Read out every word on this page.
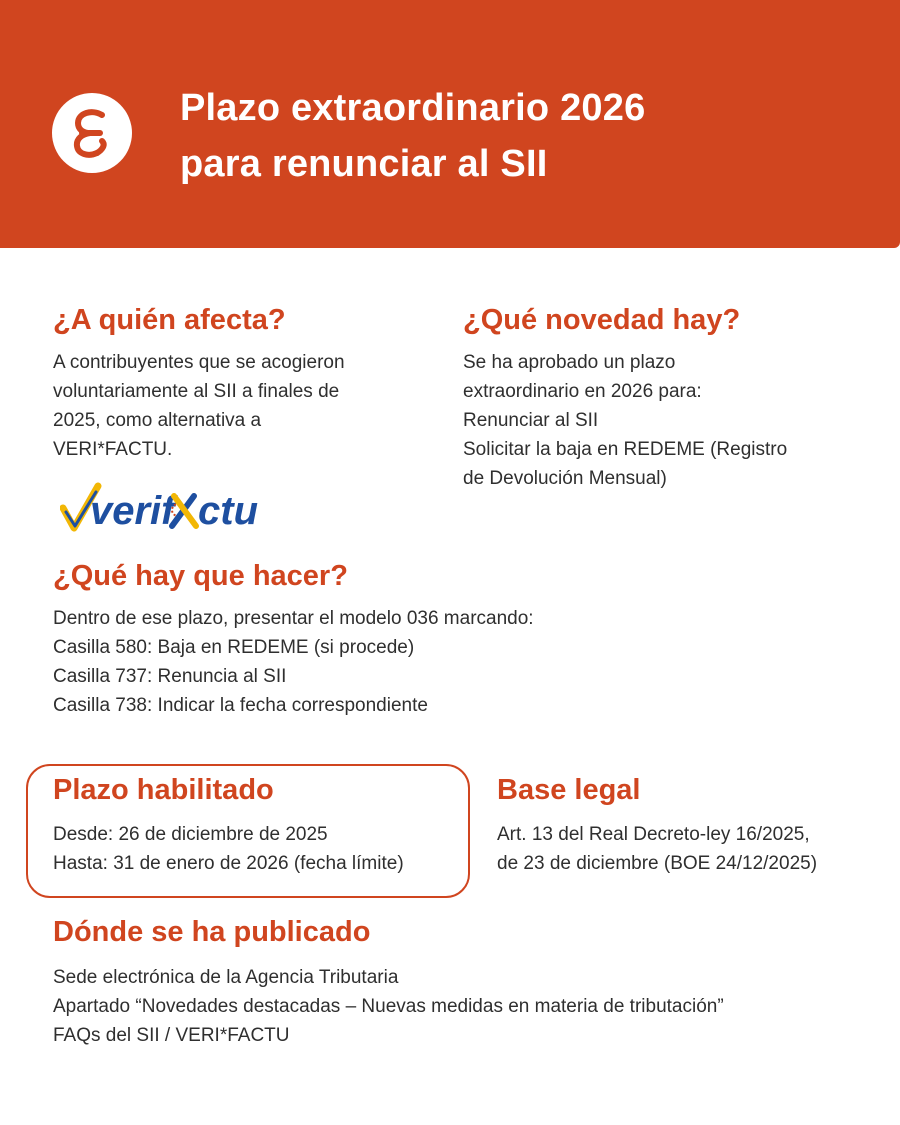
Plazo extraordinario 2026
para renunciar al SII
¿A quién afecta?

A contribuyentes que se acogieron
voluntariamente al SII a finales de
2025, como alternativa a
VERI*FACTU.

verif ctu
¿Qué novedad hay?

Se ha aprobado un plazo
extraordinario en 2026 para:
Renunciar al SII
Solicitar la baja en REDEME (Registro
de Devolución Mensual)

¿Qué hay que hacer?

Dentro de ese plazo, presentar el modelo 036 marcando:
Casilla 580: Baja en REDEME (si procede)
Casilla 737: Renuncia al SII
Casilla 738: Indicar la fecha correspondiente

Plazo habilitado

Desde: 26 de diciembre de 2025
Hasta: 31 de enero de 2026 (fecha límite)

Base legal

Art. 13 del Real Decreto-ley 16/2025,
de 23 de diciembre (BOE 24/12/2025)

Dónde se ha publicado

Sede electrónica de la Agencia Tributaria
Apartado “Novedades destacadas – Nuevas medidas en materia de tributación”
FAQs del SII / VERI*FACTU
